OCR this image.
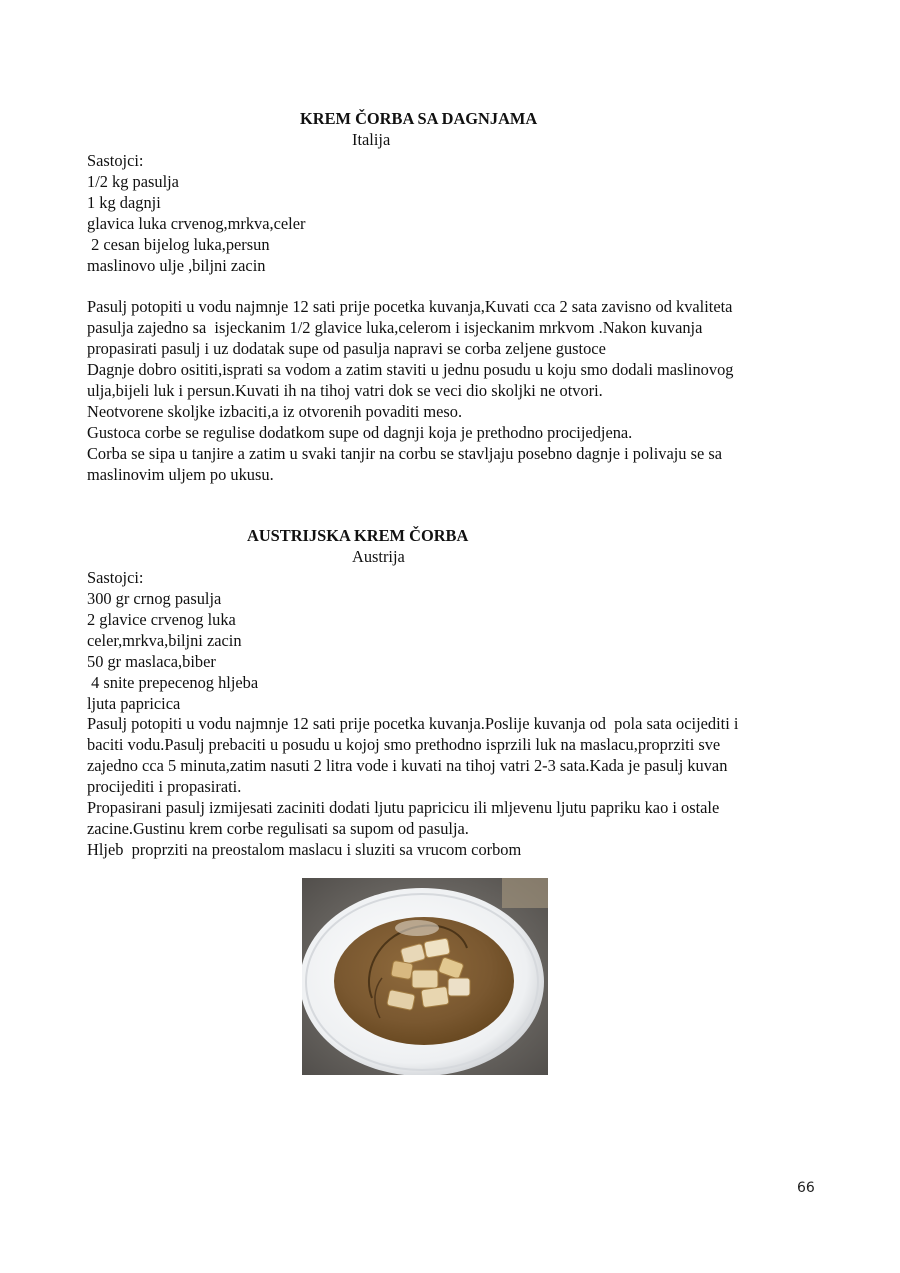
KREM ČORBA SA DAGNJAMA
Italija
Sastojci:
1/2 kg pasulja
1 kg dagnji
glavica luka crvenog,mrkva,celer
2 cesan bijelog luka,persun
maslinovo ulje ,biljni zacin
Pasulj potopiti u vodu najmnje 12 sati prije pocetka kuvanja,Kuvati cca 2 sata zavisno od kvaliteta
pasulja zajedno sa  isjeckanim 1/2 glavice luka,celerom i isjeckanim mrkvom .Nakon kuvanja
propasirati pasulj i uz dodatak supe od pasulja napravi se corba zeljene gustoce
Dagnje dobro osititi,isprati sa vodom a zatim staviti u jednu posudu u koju smo dodali maslinovog
ulja,bijeli luk i persun.Kuvati ih na tihoj vatri dok se veci dio skoljki ne otvori.
Neotvorene skoljke izbaciti,a iz otvorenih povaditi meso.
Gustoca corbe se regulise dodatkom supe od dagnji koja je prethodno procijedjena.
Corba se sipa u tanjire a zatim u svaki tanjir na corbu se stavljaju posebno dagnje i polivaju se sa
maslinovim uljem po ukusu.
AUSTRIJSKA KREM ČORBA
Austrija
Sastojci:
300 gr crnog pasulja
2 glavice crvenog luka
celer,mrkva,biljni zacin
50 gr maslaca,biber
4 snite prepecenog hljeba
ljuta papricica
Pasulj potopiti u vodu najmnje 12 sati prije pocetka kuvanja.Poslije kuvanja od  pola sata ocijediti i
baciti vodu.Pasulj prebaciti u posudu u kojoj smo prethodno isprzili luk na maslacu,proprziti sve
zajedno cca 5 minuta,zatim nasuti 2 litra vode i kuvati na tihoj vatri 2-3 sata.Kada je pasulj kuvan
procijediti i propasirati.
Propasirani pasulj izmijesati zaciniti dodati ljutu papricicu ili mljevenu ljutu papriku kao i ostale
zacine.Gustinu krem corbe regulisati sa supom od pasulja.
Hljeb  proprziti na preostalom maslacu i sluziti sa vrucom corbom
66
